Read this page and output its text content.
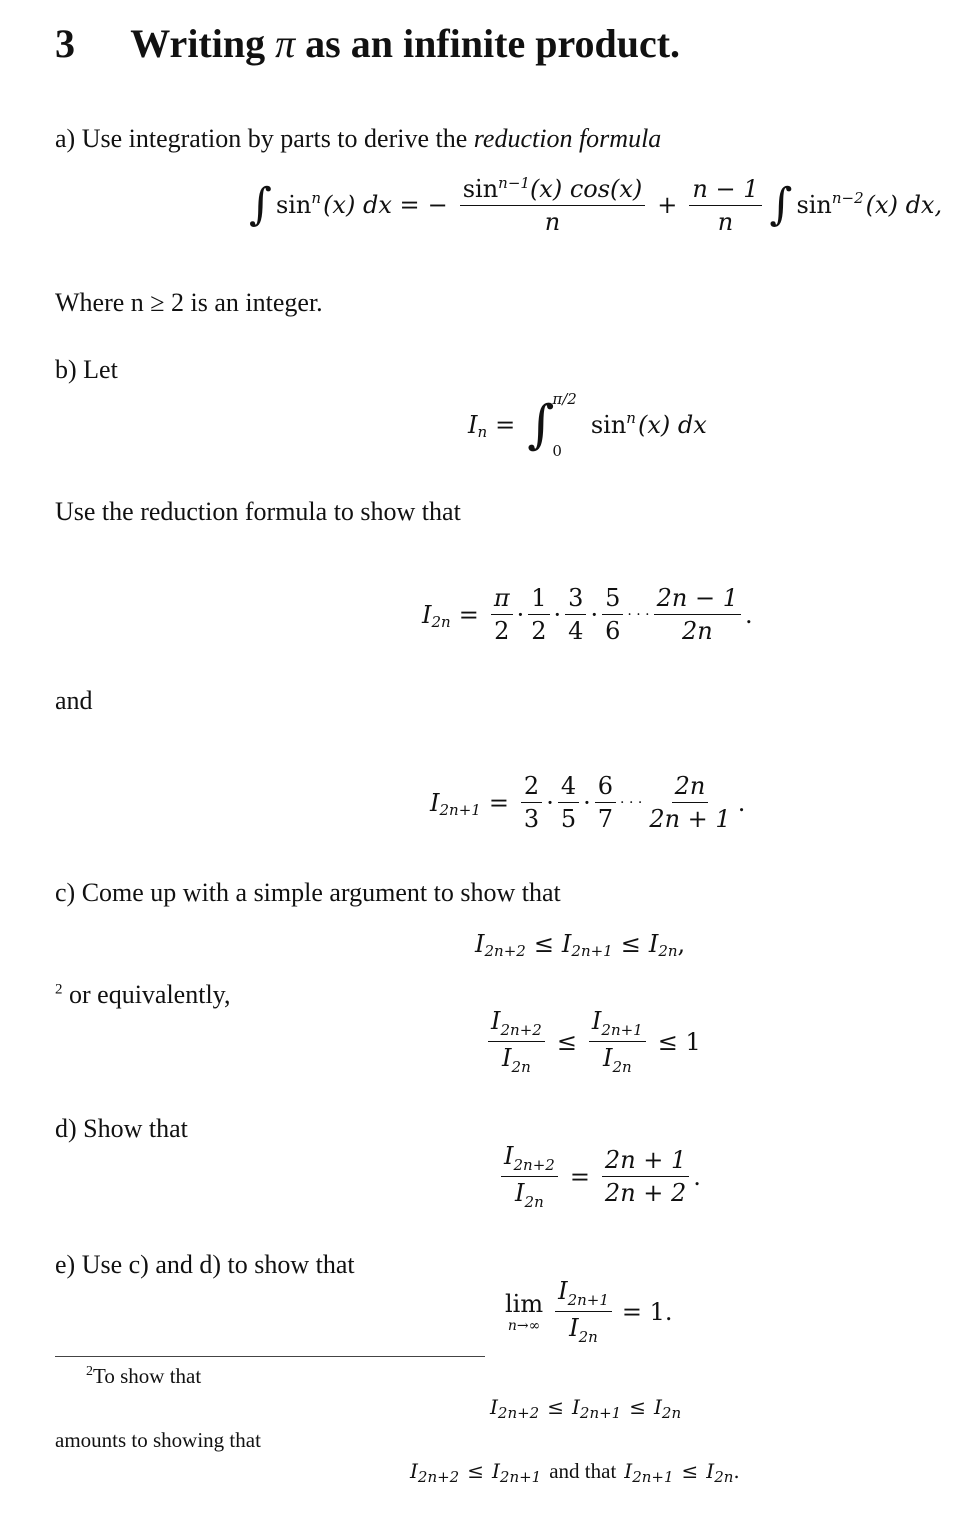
3 Writing π as an infinite product.
a) Use integration by parts to derive the reduction formula
∫ $\sin^n (x)$ dx = − $\frac{\sin^{n-1}(x) \cos(x)}{n} + \frac{n - 1}{n}$ ∫ $\sin^{n-2} (x)$ dx,
Where n ≥ 2 is an integer.
b) Let
$I_n$ = ∫
π/2
0
$\sin^n (x)$ dx
Use the reduction formula to show that
$I_{2n} = \frac{\pi}{2} \cdot \frac{1}{2} \cdot \frac{3}{4} \cdot \frac{5}{6}$ · · · $\frac{2n - 1}{2n}$ .
and
$I_{2n+1} = \frac{2}{3} \cdot \frac{4}{5} \cdot \frac{6}{7}$ · · · $\frac{2n}{2n + 1}$ .
c) Come up with a simple argument to show that
$I_{2n+2} \le I_{2n+1} \le I_{2n}$ ,
$^2$ or equivalently,
$\frac{I_{2n+2}}{I_{2n}} \le \frac{I_{2n+1}}{I_{2n}} \le 1$
d) Show that
$\frac{I_{2n+2}}{I_{2n}} = \frac{2n + 1}{2n + 2}$ .
e) Use c) and d) to show that
lim
$n\to\infty \frac{I_{2n+1}}{I_{2n}} = 1$.
$^2$To show that
$I_{2n+2} \le I_{2n+1} \le I_{2n}$
amounts to showing that
$I_{2n+2} \le I_{2n+1}$ and that $I_{2n+1} \le I_{2n}$ .
